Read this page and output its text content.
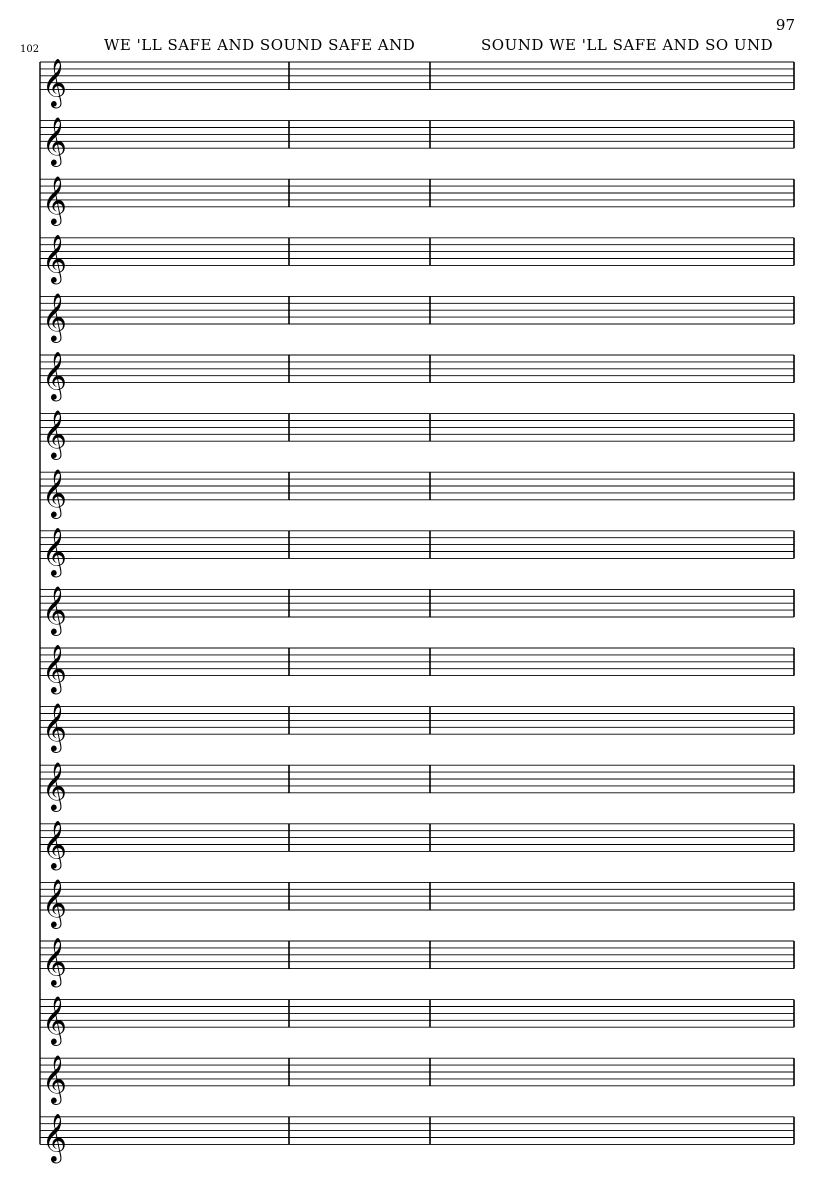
97
102	WE 'LL SAFE AND SOUND SAFE AND	SOUND WE 'LL SAFE AND SO UND
𝄞
𝄞
𝄞
𝄞
𝄞
𝄞
𝄞
𝄞
𝄞
𝄞
𝄞
𝄞
𝄞
𝄞
𝄞
𝄞
𝄞
𝄞
𝄞
